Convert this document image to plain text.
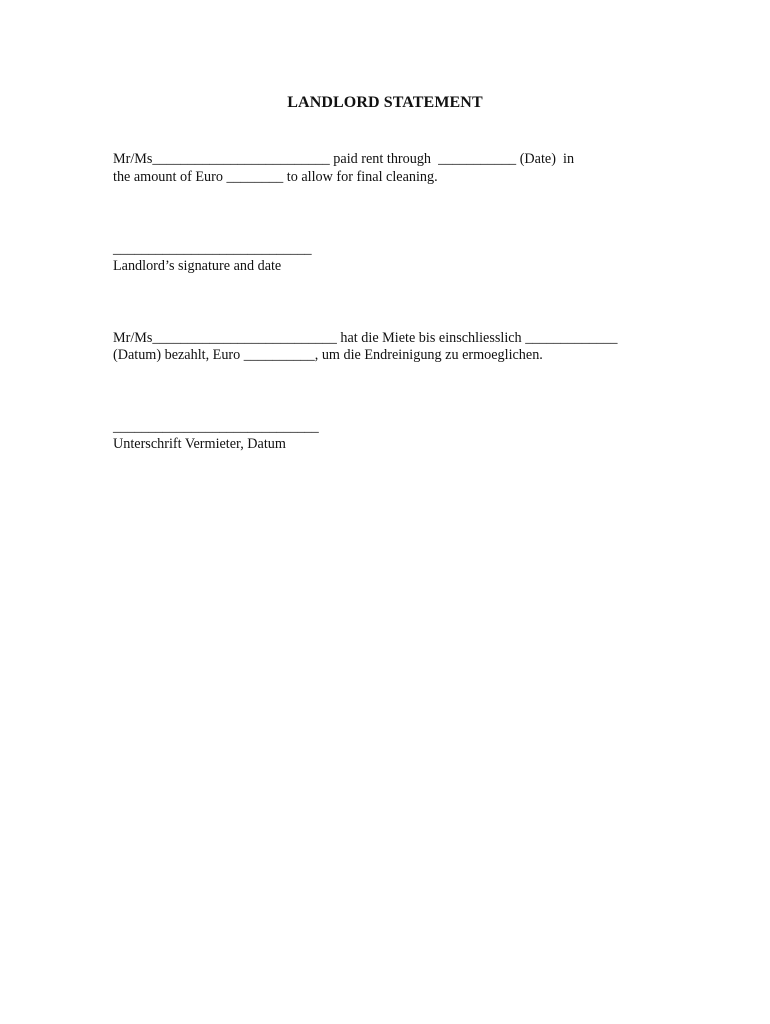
LANDLORD STATEMENT

Mr/Ms_________________________ paid rent through  ___________ (Date)  in

the amount of Euro ________ to allow for final cleaning.

____________________________

Landlord’s signature and date

Mr/Ms__________________________ hat die Miete bis einschliesslich _____________

(Datum) bezahlt, Euro __________, um die Endreinigung zu ermoeglichen.

_____________________________

Unterschrift Vermieter, Datum
